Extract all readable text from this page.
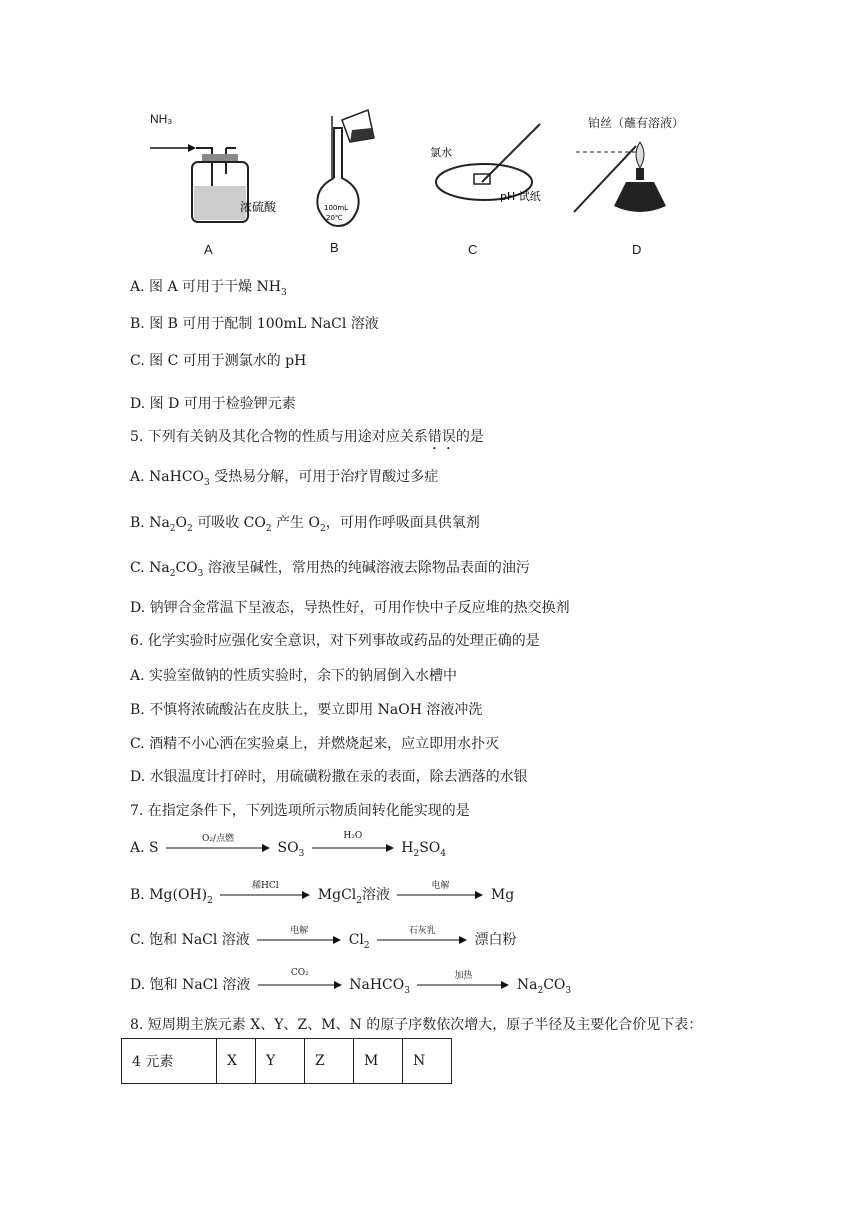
浓硫酸
NH₃
A
100mL
20℃
B
pH 试纸
氯水
C
铂丝（蘸有溶液）
D
A. 图 A 可用于干燥 $NH_3$
B. 图 B 可用于配制 100mL NaCl 溶液
C. 图 C 可用于测氯水的 pH
D. 图 D 可用于检验钾元素
5. 下列有关钠及其化合物的性质与用途对应关系错误的是
A. NaHCO$_3$ 受热易分解，可用于治疗胃酸过多症
B. $Na_2O_2$ 可吸收 $CO_2$ 产生 $O_2$，可用作呼吸面具供氧剂
C. $Na_2CO_3$ 溶液呈碱性，常用热的纯碱溶液去除物品表面的油污
D. 钠钾合金常温下呈液态，导热性好，可用作快中子反应堆的热交换剂
6. 化学实验时应强化安全意识，对下列事故或药品的处理正确的是
A. 实验室做钠的性质实验时，余下的钠屑倒入水槽中
B. 不慎将浓硫酸沾在皮肤上，要立即用 NaOH 溶液冲洗
C. 酒精不小心洒在实验桌上，并燃烧起来，应立即用水扑灭
D. 水银温度计打碎时，用硫磺粉撒在汞的表面，除去洒落的水银
7. 在指定条件下，下列选项所示物质间转化能实现的是
A. S
O₂/点燃
$SO_3$
H₂O
$H_2SO_4$
B. $Mg(OH)_2$
稀HCl
MgCl$_2$溶液
电解
Mg
C. 饱和 NaCl 溶液
电解
$Cl_2$
石灰乳
漂白粉
D. 饱和 NaCl 溶液
CO₂
NaHCO$_3$
加热
$Na_2CO_3$
8. 短周期主族元素 X、Y、Z、M、N 的原子序数依次增大，原子半径及主要化合价见下表：
4 元素	X	Y	Z	M	N
